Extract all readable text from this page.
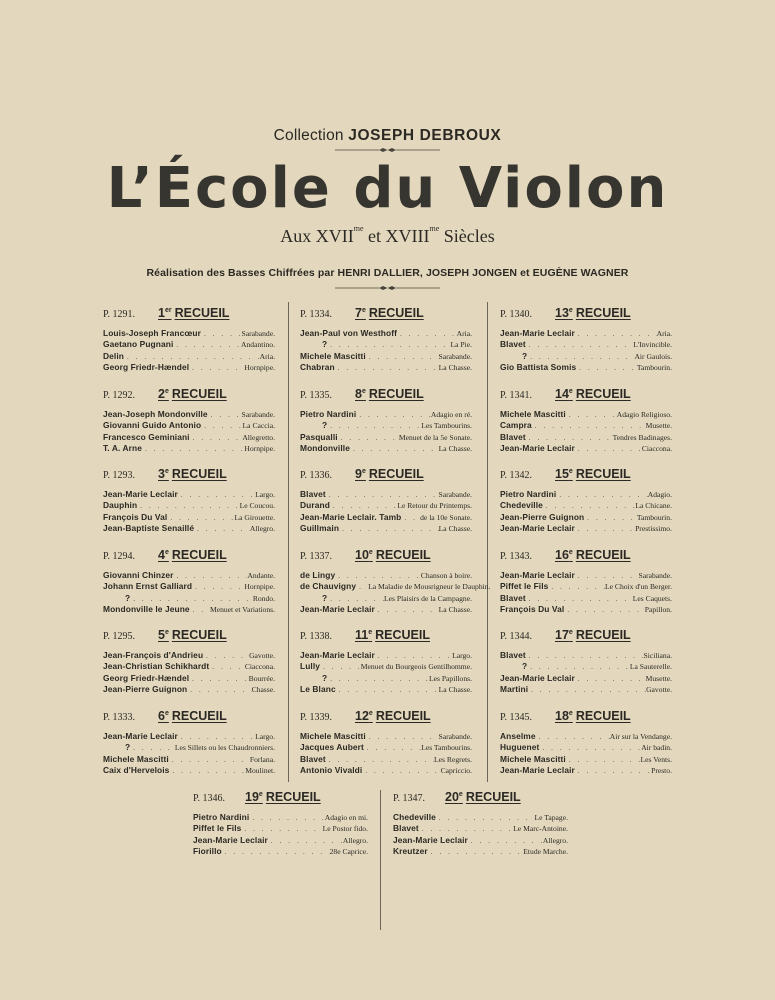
Collection JOSEPH DEBROUX
L’École du Violon
Aux $XVII^{me}$ et $XVIII^{me}$ Siècles
Réalisation des Basses Chiffrées par HENRI DALLIER, JOSEPH JONGEN et EUGÈNE WAGNER
P. 1291. 1er RECUEIL
Louis-Joseph Francœur . . .	Sarabande.
Gaetano Pugnani . . .	Andantino.
Delin . . .	Aria.
Georg Friedr-Hændel . . .	Hornpipe.
P. 1292. 2e RECUEIL
Jean-Joseph Mondonville . . .	Sarabande.
Giovanni Guido Antonio . . .	La Caccia.
Francesco Geminiani . . .	Allegretto.
T. A. Arne . . .	Hornpipe.
P. 1293. 3e RECUEIL
Jean-Marie Leclair . . .	Largo.
Dauphin . . .	Le Coucou.
François Du Val . . .	La Girouette.
Jean-Baptiste Senaillé . . .	Allegro.
P. 1294. 4e RECUEIL
Giovanni Chinzer . . .	Andante.
Johann Ernst Galliard . . .	Hornpipe.
? . . .	Rondo.
Mondonville le Jeune . . .	Menuet et Variations.
P. 1295. 5e RECUEIL
Jean-François d'Andrieu . . .	Gavotte.
Jean-Christian Schikhardt . . .	Ciaccona.
Georg Friedr-Hændel . . .	Bourrée.
Jean-Pierre Guignon . . .	Chasse.
P. 1333. 6e RECUEIL
Jean-Marie Leclair . . .	Largo.
? . . .	Les Sillets ou les Chaudronniers.
Michele Mascitti . . .	Forlana.
Caix d'Hervelois . . .	Moulinet.
P. 1334. 7e RECUEIL
Jean-Paul von Westhoff . . .	Aria.
? . . .	La Pie.
Michele Mascitti . . .	Sarabande.
Chabran . . .	La Chasse.
P. 1335. 8e RECUEIL
Pietro Nardini . . .	Adagio en ré.
? . . .	Les Tambourins.
Pasqualli . . .	Menuet de la 5e Sonate.
Mondonville . . .	La Chasse.
P. 1336. 9e RECUEIL
Blavet . . .	Sarabande.
Durand . . .	Le Retour du Printemps.
Jean-Marie Leclair. Tamb . . . de la 10e Sonate.
Guillmain . . .	La Chasse.
P. 1337. 10e RECUEIL
de Lingy . . .	Chanson à boire.
de Chauvigny . . . La Maladie de Mousrigneur le Dauphin.
? . . .	Les Plaisirs de la Campagne.
Jean-Marie Leclair . . .	La Chasse.
P. 1338. 11e RECUEIL
Jean-Marie Leclair . . .	Largo.
Lully . . .	Menuet du Bourgeois Gentilhomme.
? . . .	Les Papillons.
Le Blanc . . .	La Chasse.
P. 1339. 12e RECUEIL
Michele Mascitti . . .	Sarabande.
Jacques Aubert . . .	Les Tambourins.
Blavet . . .	Les Regrets.
Antonio Vivaldi . . .	Capriccio.
P. 1340. 13e RECUEIL
Jean-Marie Leclair . . .	Aria.
Blavet . . .	L'Invincible.
? . . .	Air Gaulois.
Gio Battista Somis . . .	Tambourin.
P. 1341. 14e RECUEIL
Michele Mascitti . . .	Adagio Religioso.
Campra . . .	Musette.
Blavet . . .	Tendres Badinages.
Jean-Marie Leclair . . .	Ciaccona.
P. 1342. 15e RECUEIL
Pietro Nardini . . .	Adagio.
Chedeville . . .	La Chicane.
Jean-Pierre Guignon . . .	Tambourin.
Jean-Marie Leclair . . .	Prestissimo.
P. 1343. 16e RECUEIL
Jean-Marie Leclair . . .	Sarabande.
Piffet le Fils . . .	Le Choix d'un Berger.
Blavet . . .	Les Caquets.
François Du Val . . .	Papillon.
P. 1344. 17e RECUEIL
Blavet . . .	Siciliana.
? . . .	La Sauterelle.
Jean-Marie Leclair . . .	Musette.
Martini . . .	Gavotte.
P. 1345. 18e RECUEIL
Anselme . . .	Air sur la Vendange.
Huguenet . . .	Air badin.
Michele Mascitti . . .	Les Vents.
Jean-Marie Leclair . . .	Presto.
P. 1346. 19e RECUEIL
Pietro Nardini . . .	Adagio en mi.
Piffet le Fils . . .	Le Postor fido.
Jean-Marie Leclair . . .	Allegro.
Fiorillo . . .	28e Caprice.
P. 1347. 20e RECUEIL
Chedeville . . .	Le Tapage.
Blavet . . .	Le Marc-Antoine.
Jean-Marie Leclair . . .	Allegro.
Kreutzer . . .	Etude Marche.
